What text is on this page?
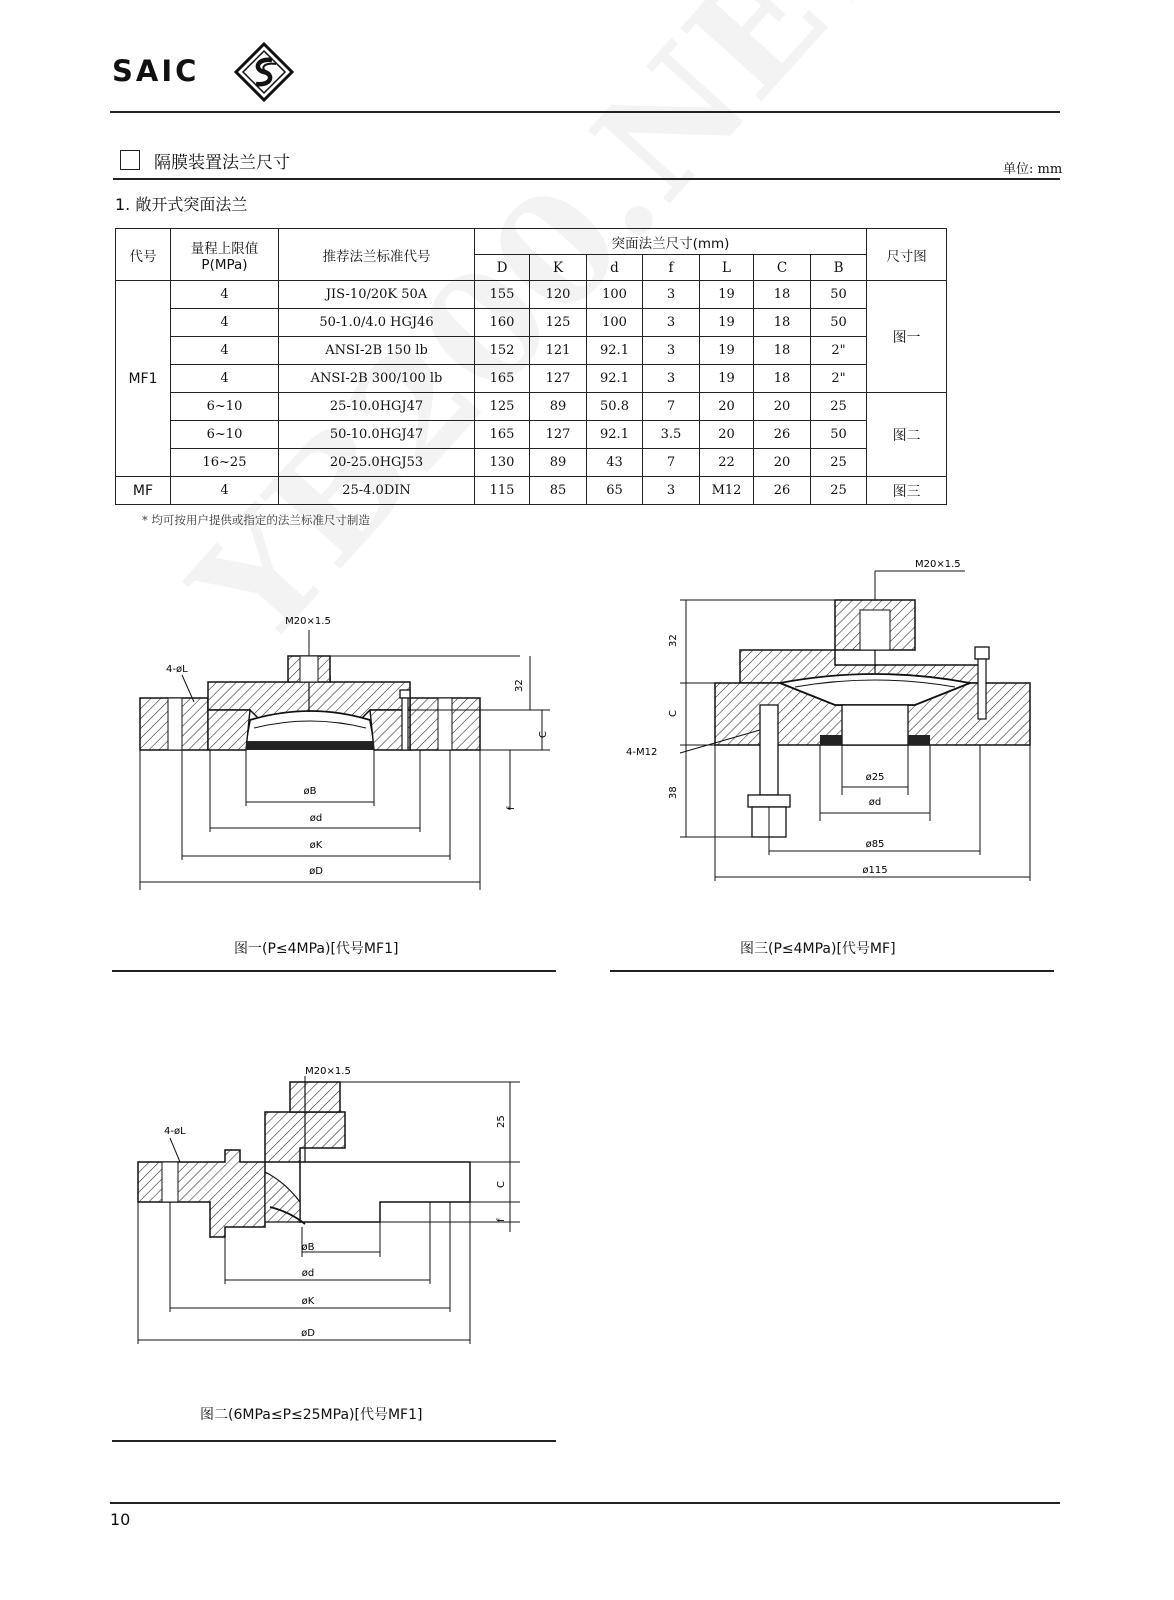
SAIC
隔膜装置法兰尺寸	单位: mm
1. 敞开式突面法兰
代号	量程上限值
P(MPa)	推荐法兰标准代号	突面法兰尺寸(mm)							尺寸图
			D	K	d	f	L	C	B	
MF1	4	JIS-10/20K 50A	155	120	100	3	19	18	50	图一
	4	50-1.0/4.0 HGJ46	160	125	100	3	19	18	50	
	4	ANSI-2B 150 lb	152	121	92.1	3	19	18	2"	
	4	ANSI-2B 300/100 lb	165	127	92.1	3	19	18	2"	
	6~10	25-10.0HGJ47	125	89	50.8	7	20	20	25	图二
	6~10	50-10.0HGJ47	165	127	92.1	3.5	20	26	50	
	16~25	20-25.0HGJ53	130	89	43	7	22	20	25	
MF	4	25-4.0DIN	115	85	65	3	M12	26	25	图三
* 均可按用户提供或指定的法兰标准尺寸制造
M20×1.5
4-øL
øB
ød
øK
øD
32
C
f
图一(P≤4MPa)[代号MF1]
M20×1.5
4-M12
32
C
38
ø25
ød
ø85
ø115
图三(P≤4MPa)[代号MF]
M20×1.5
4-øL
25
C
f
øB
ød
øK
øD
图二(6MPa≤P≤25MPa)[代号MF1]
10
